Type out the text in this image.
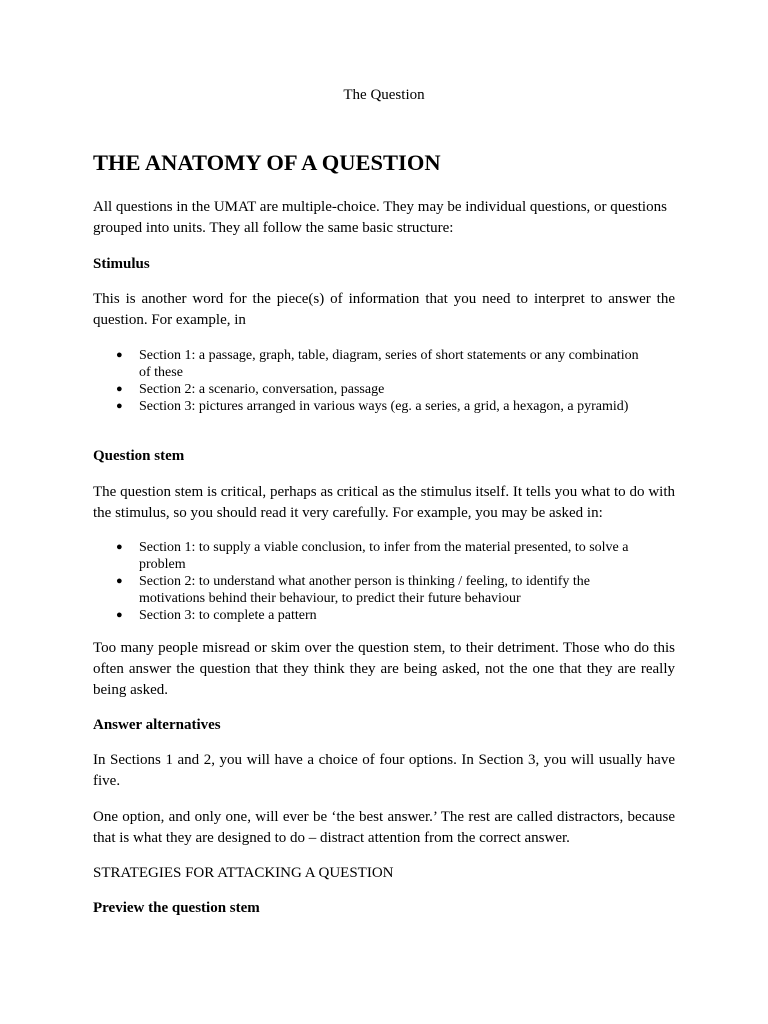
The Question
THE ANATOMY OF A QUESTION

All questions in the UMAT are multiple-choice. They may be individual questions, or questions grouped into units. They all follow the same basic structure:

Stimulus

This is another word for the piece(s) of information that you need to interpret to answer the question. For example, in

● Section 1: a passage, graph, table, diagram, series of short statements or any combination of these
● Section 2: a scenario, conversation, passage
● Section 3: pictures arranged in various ways (eg. a series, a grid, a hexagon, a pyramid)

Question stem

The question stem is critical, perhaps as critical as the stimulus itself. It tells you what to do with the stimulus, so you should read it very carefully. For example, you may be asked in:

● Section 1: to supply a viable conclusion, to infer from the material presented, to solve a problem
● Section 2: to understand what another person is thinking / feeling, to identify the motivations behind their behaviour, to predict their future behaviour
● Section 3: to complete a pattern

Too many people misread or skim over the question stem, to their detriment. Those who do this often answer the question that they think they are being asked, not the one that they are really being asked.

Answer alternatives

In Sections 1 and 2, you will have a choice of four options. In Section 3, you will usually have five.

One option, and only one, will ever be ‘the best answer.’ The rest are called distractors, because that is what they are designed to do – distract attention from the correct answer.

STRATEGIES FOR ATTACKING A QUESTION

Preview the question stem
